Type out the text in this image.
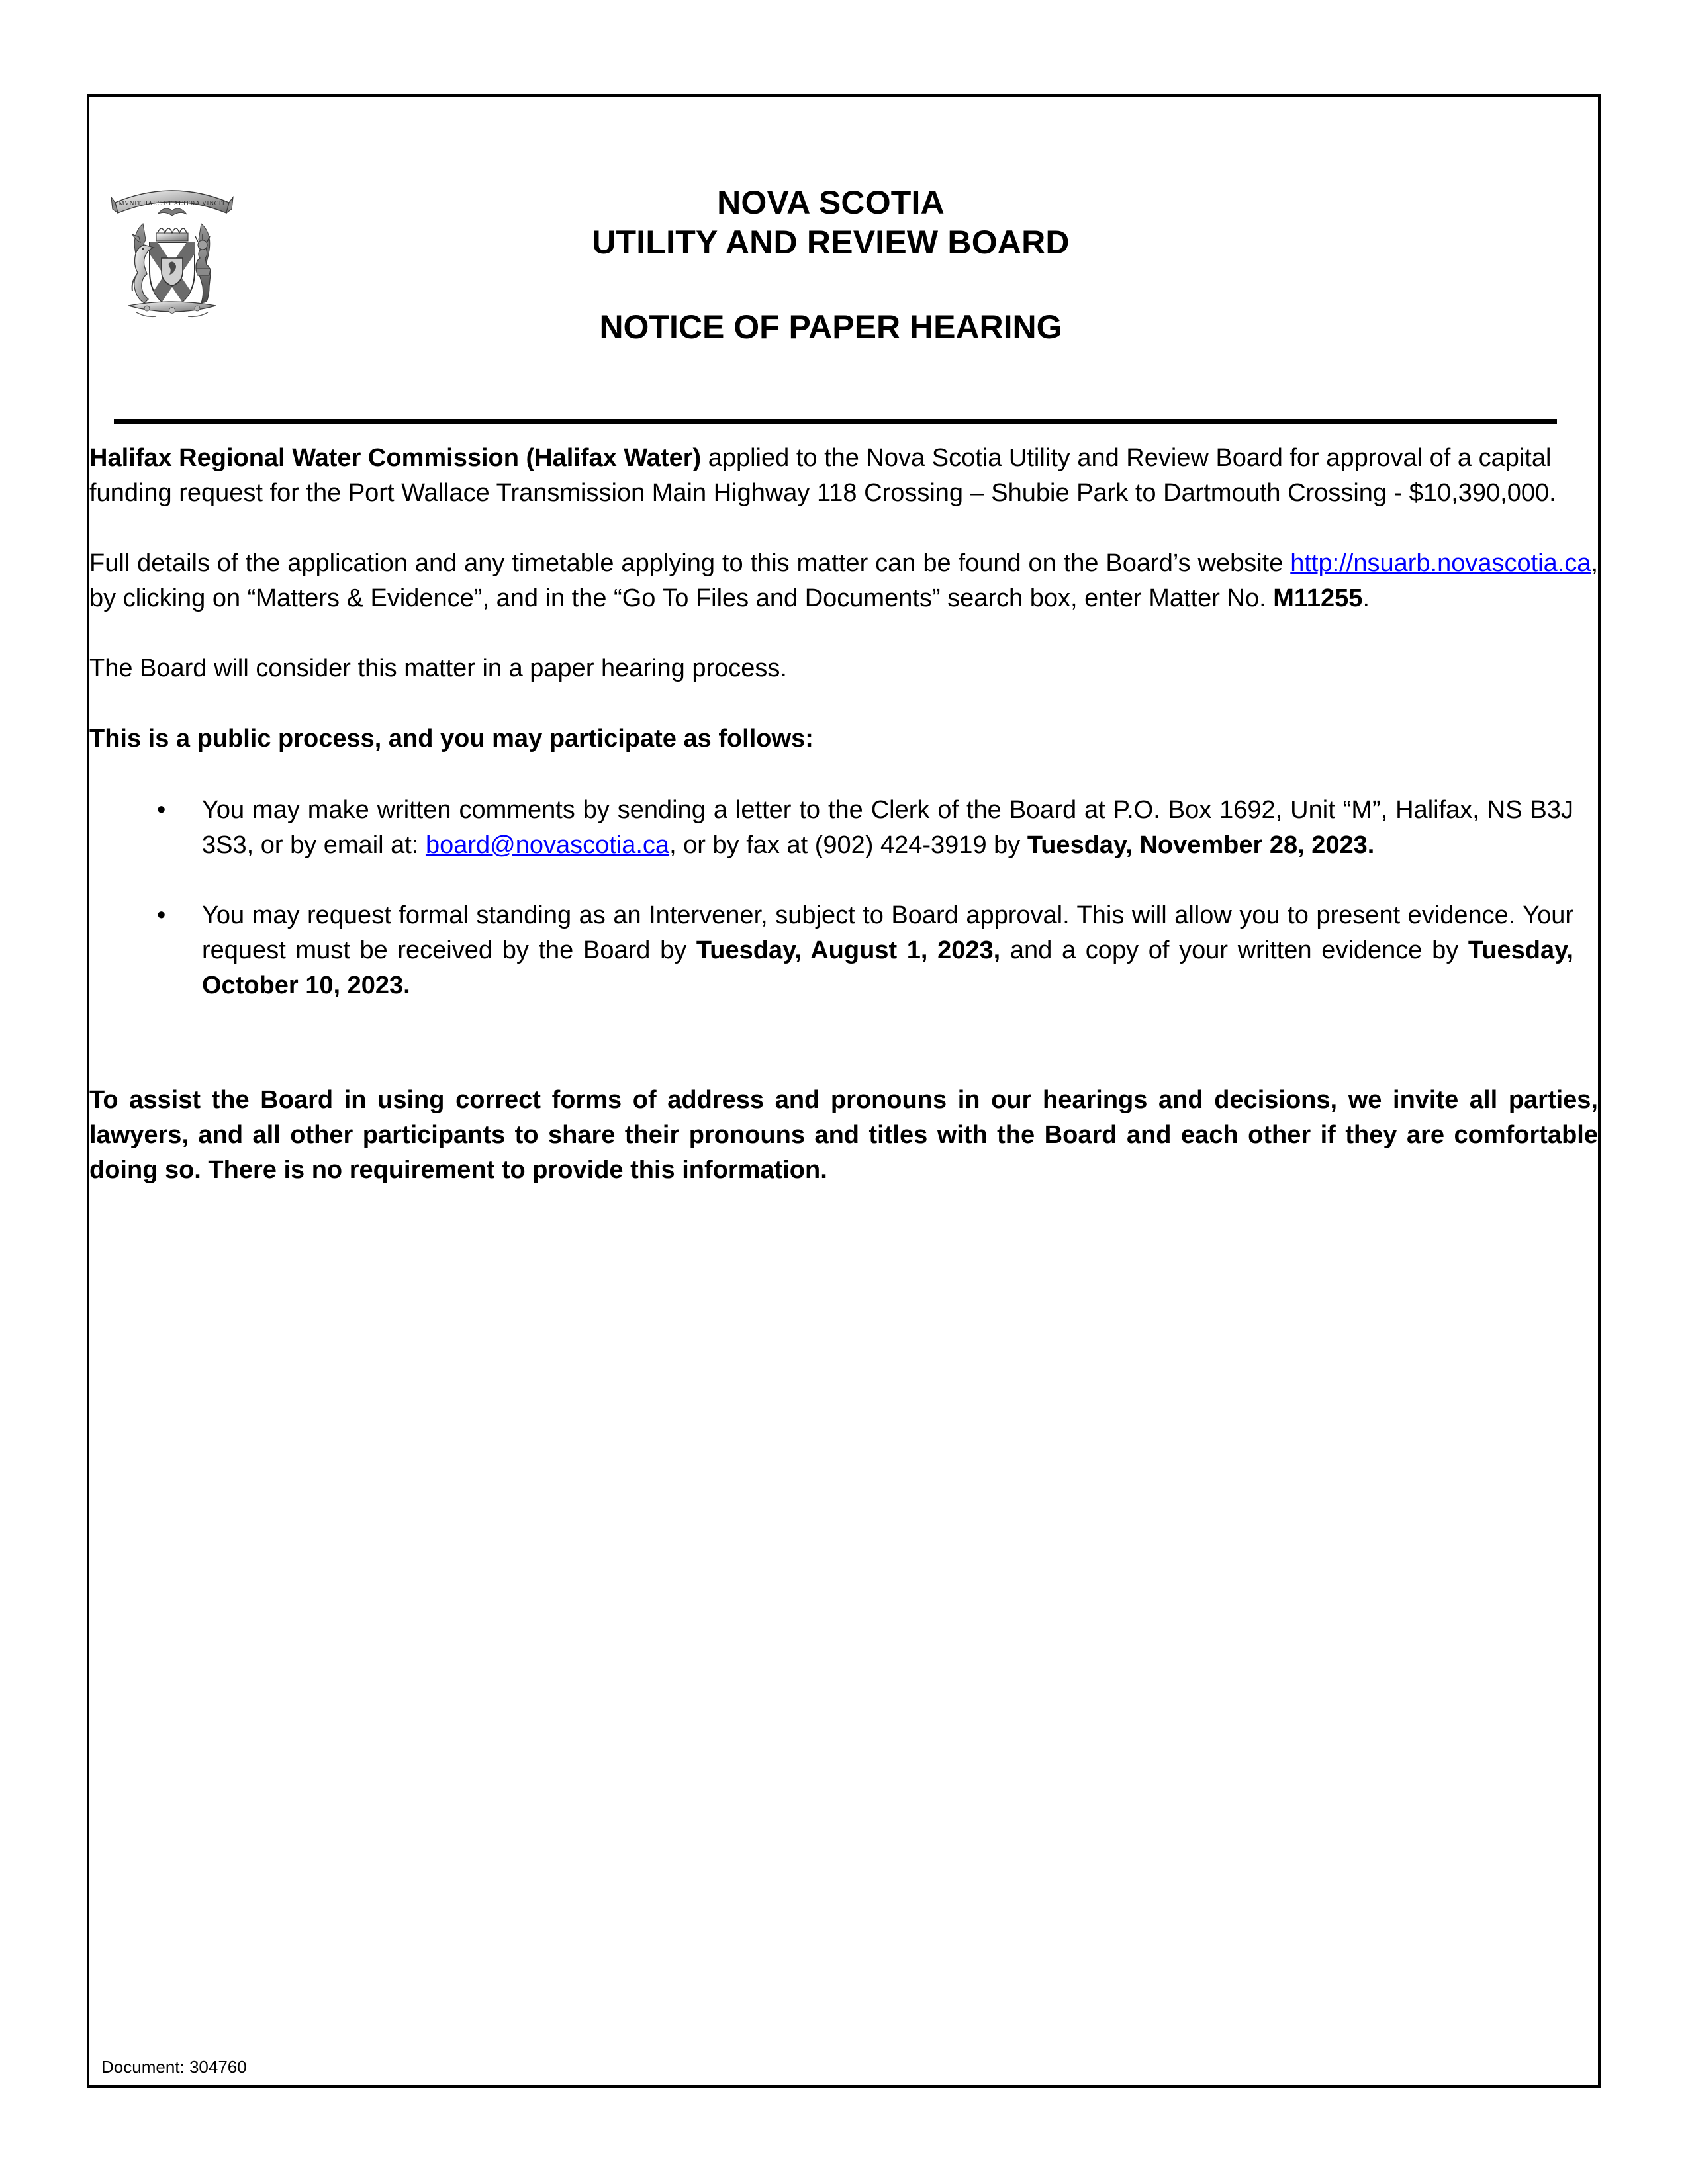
MVNIT HAEC ET ALTERA VINCIT	NOVA SCOTIA
UTILITY AND REVIEW BOARD
NOTICE OF PAPER HEARING

Halifax Regional Water Commission (Halifax Water) applied to the Nova Scotia Utility and Review Board for approval of a capital funding request for the Port Wallace Transmission Main Highway 118 Crossing – Shubie Park to Dartmouth Crossing - $10,390,000.

Full details of the application and any timetable applying to this matter can be found on the Board’s website http://nsuarb.novascotia.ca, by clicking on “Matters & Evidence”, and in the “Go To Files and Documents” search box, enter Matter No. M11255.

The Board will consider this matter in a paper hearing process.

This is a public process, and you may participate as follows:

• You may make written comments by sending a letter to the Clerk of the Board at P.O. Box 1692, Unit “M”, Halifax, NS B3J 3S3, or by email at: board@novascotia.ca, or by fax at (902) 424-3919 by Tuesday, November 28, 2023.
• You may request formal standing as an Intervener, subject to Board approval. This will allow you to present evidence. Your request must be received by the Board by Tuesday, August 1, 2023, and a copy of your written evidence by Tuesday, October 10, 2023.

To assist the Board in using correct forms of address and pronouns in our hearings and decisions, we invite all parties, lawyers, and all other participants to share their pronouns and titles with the Board and each other if they are comfortable doing so. There is no requirement to provide this information.

Document: 304760
